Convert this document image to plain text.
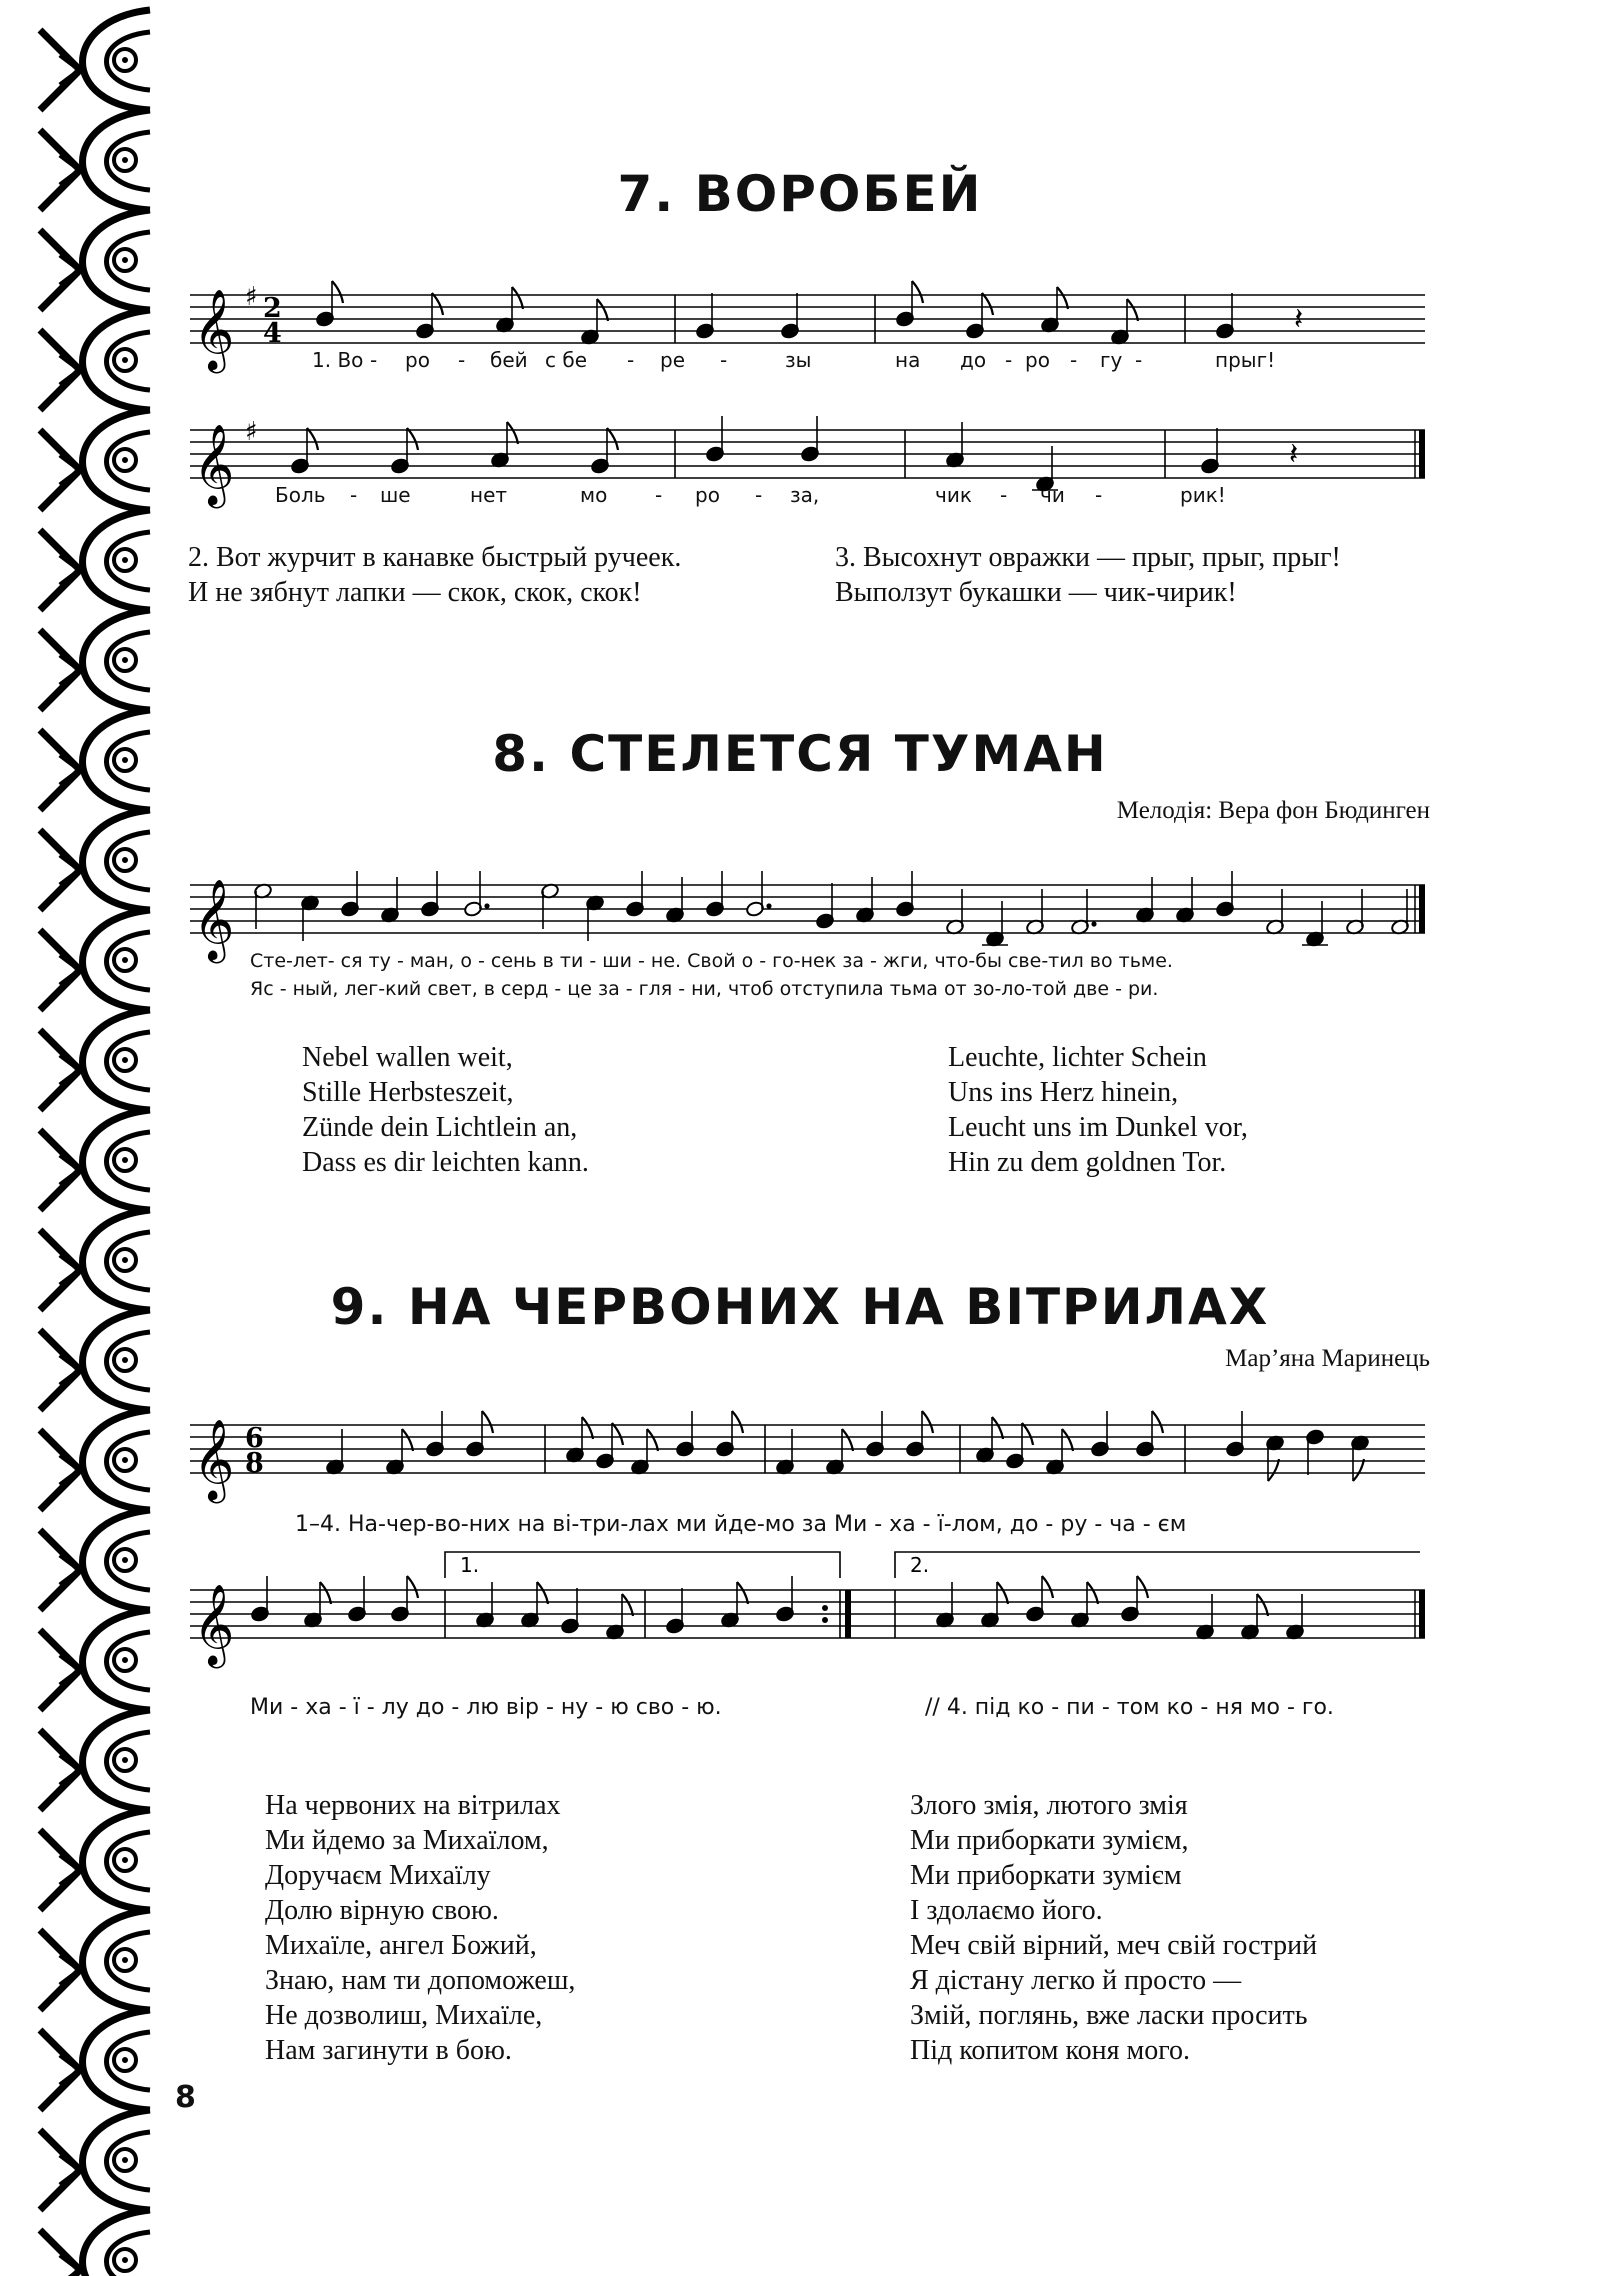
7. ВОРОБЕЙ
𝄞 ♯ 2
4	𝄽
1. Во - ро - бей с бе - ре -	зы	на до - ро - гу -	прыг!
𝄞 ♯
𝄽
Боль - ше	нет	мо - ро - за,	чик - чи -	рик!
2. Вот журчит в канавке быстрый ручеек.
И не зябнут лапки — скок, скок, скок!
3. Высохнут овражки — прыг, прыг, прыг!
Выползут букашки — чик-чирик!
8. СТЕЛЕТСЯ ТУМАН
Мелодія: Вера фон Бюдинген
𝄞
Сте-лет- ся ту - ман, о - сень в ти - ши - не. Свой о - го-нек за - жги, что-бы све-тил во тьме.
Яс - ный, лег-кий свет, в серд - це за - гля - ни, чтоб отступила тьма от зо-ло-той две - ри.
Nebel wallen weit,
Stille Herbsteszeit,
Zünde dein Lichtlein an,
Dass es dir leichten kann.
Leuchte, lichter Schein
Uns ins Herz hinein,
Leucht uns im Dunkel vor,
Hin zu dem goldnen Tor.
9. НА ЧЕРВОНИХ НА ВІТРИЛАХ
Мар’яна Маринець
𝄞 6
8
1–4. На-чер-во-них на ві-три-лах ми йде-мо за Ми - ха - ї-лом, до - ру - ча - єм
𝄞
1.	2.
Ми - ха - ї - лу до - лю вір - ну - ю сво - ю.	// 4. під ко - пи - том ко - ня мо - го.
На червоних на вітрилах
Ми йдемо за Михаїлом,
Доручаєм Михаїлу
Долю вірную свою.
Михаїле, ангел Божий,
Знаю, нам ти допоможеш,
Не дозволиш, Михаїле,
Нам загинути в бою.
Злого змія, лютого змія
Ми приборкати зумієм,
Ми приборкати зумієм
І здолаємо його.
Меч свій вірний, меч свій гострий
Я дістану легко й просто —
Змій, поглянь, вже ласки просить
Під копитом коня мого.
8
